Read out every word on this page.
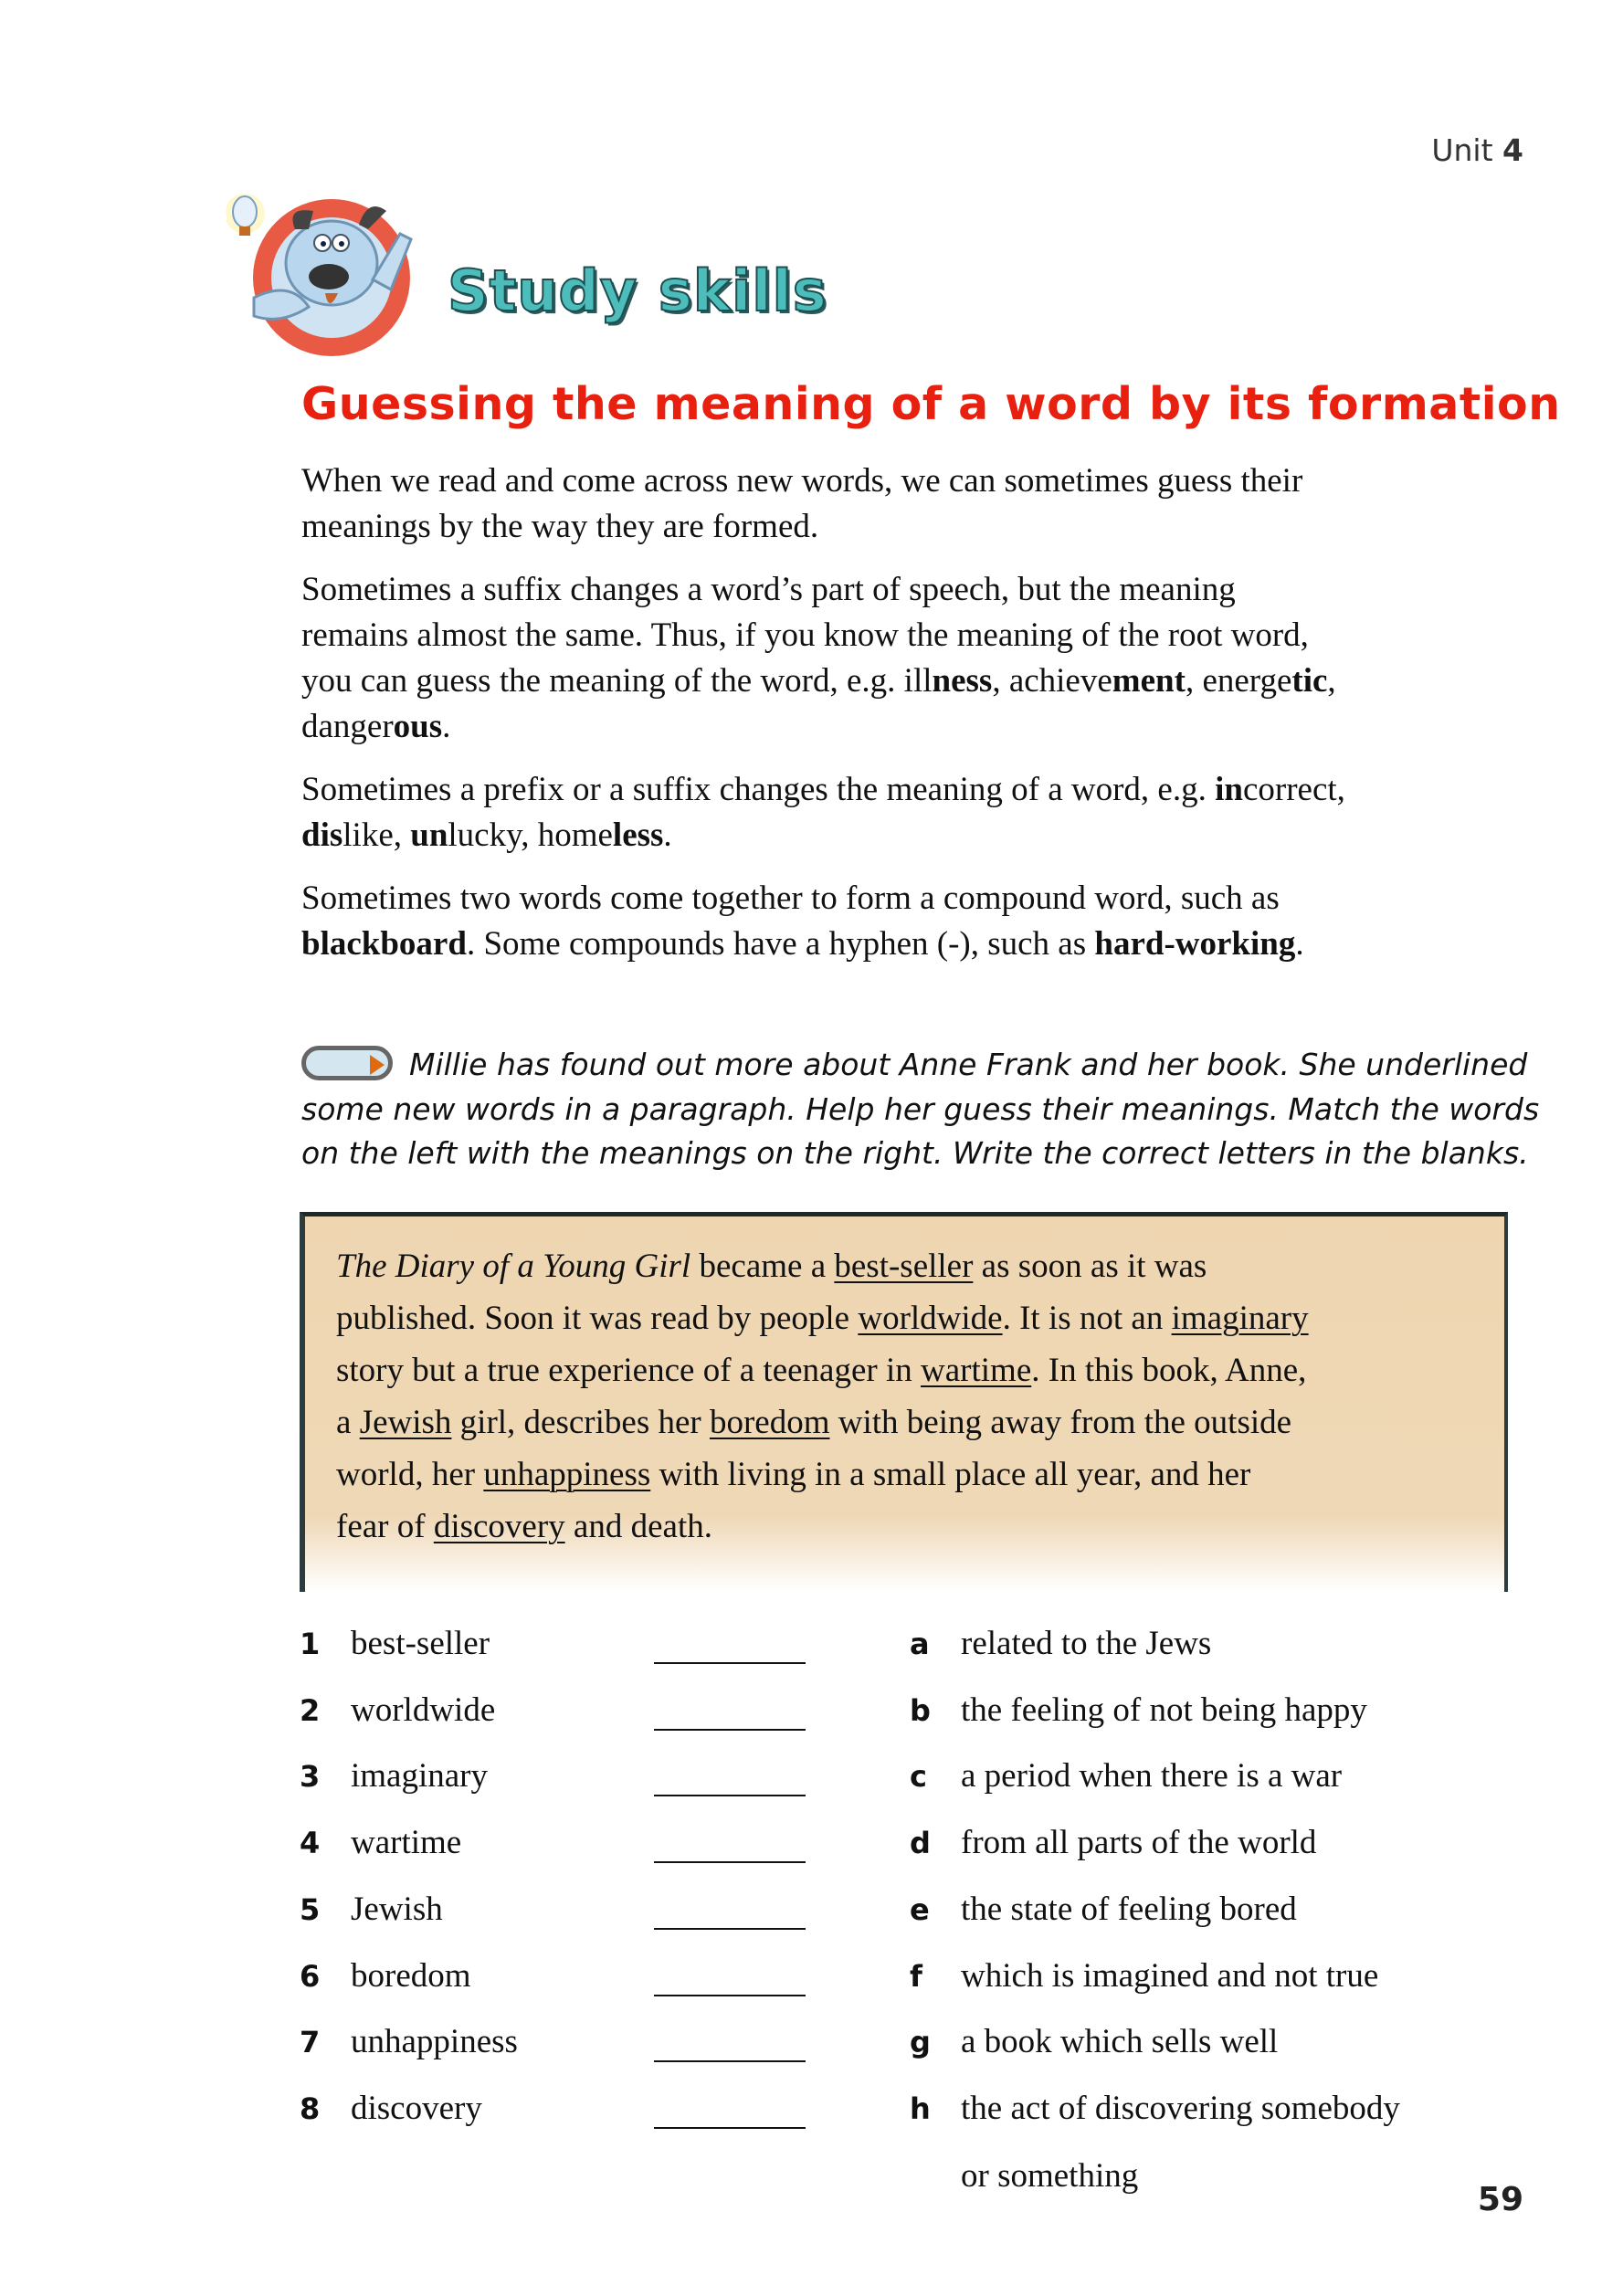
Unit 4
Study skills
Guessing the meaning of a word by its formation
When we read and come across new words, we can sometimes guess their
meanings by the way they are formed.
Sometimes a suffix changes a word’s part of speech, but the meaning
remains almost the same. Thus, if you know the meaning of the root word,
you can guess the meaning of the word, e.g. illness, achievement, energetic,
dangerous.
Sometimes a prefix or a suffix changes the meaning of a word, e.g. incorrect,
dislike, unlucky, homeless.
Sometimes two words come together to form a compound word, such as
blackboard. Some compounds have a hyphen (-), such as hard-working.
Millie has found out more about Anne Frank and her book. She underlined
some new words in a paragraph. Help her guess their meanings. Match the words
on the left with the meanings on the right. Write the correct letters in the blanks.
The Diary of a Young Girl became a best-seller as soon as it was
published. Soon it was read by people worldwide. It is not an imaginary
story but a true experience of a teenager in wartime. In this book, Anne,
a Jewish girl, describes her boredom with being away from the outside
world, her unhappiness with living in a small place all year, and her
fear of discovery and death.
1 best-seller
2 worldwide
3 imaginary
4 wartime
5 Jewish
6 boredom
7 unhappiness
8 discovery
a related to the Jews
b the feeling of not being happy
c a period when there is a war
d from all parts of the world
e the state of feeling bored
f which is imagined and not true
g a book which sells well
h the act of discovering somebody
or something
59
